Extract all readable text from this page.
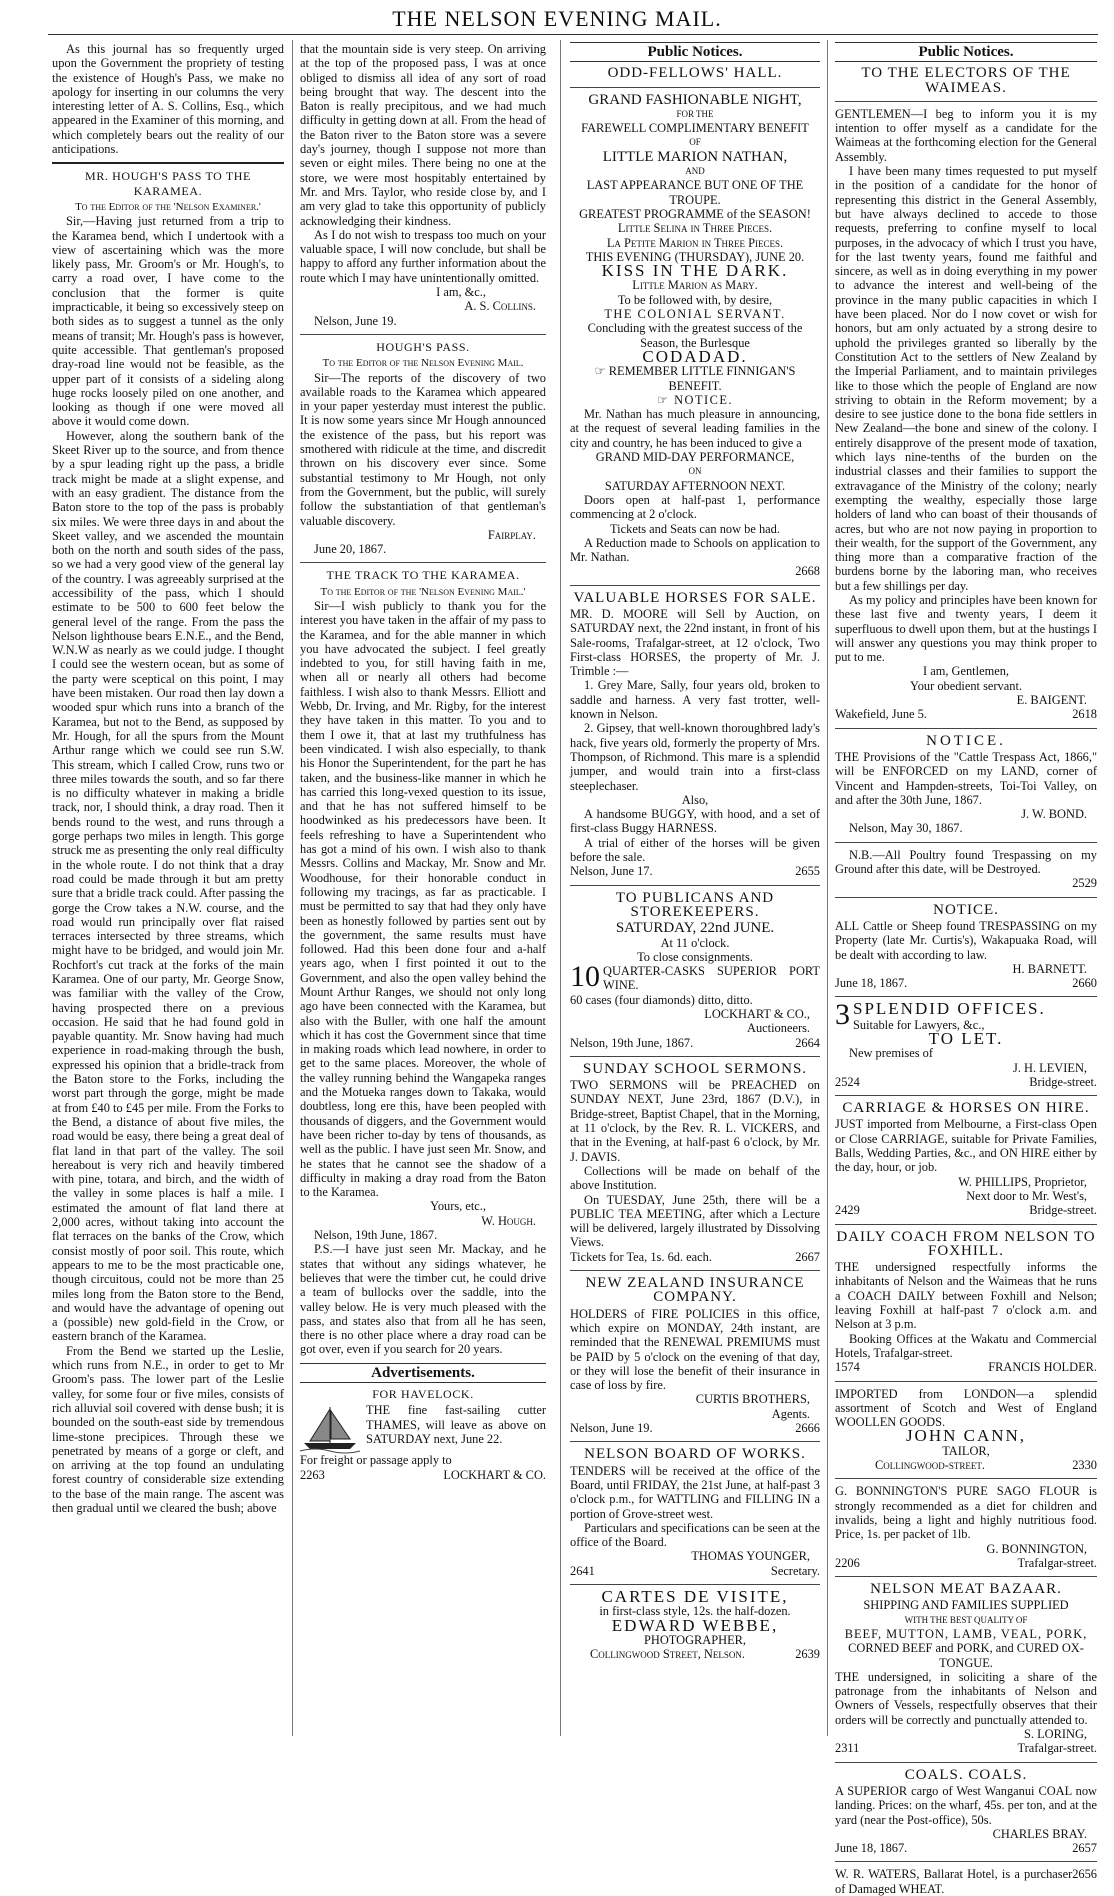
THE NELSON EVENING MAIL.

As this journal has so frequently urged upon the Government the propriety of testing the existence of Hough's Pass, we make no apology for inserting in our columns the very interesting letter of A. S. Collins, Esq., which appeared in the Examiner of this morning, and which completely bears out the reality of our anticipations.

MR. HOUGH'S PASS TO THE KARAMEA.
To the Editor of the 'Nelson Examiner.'

Sir,—Having just returned from a trip to the Karamea bend, which I undertook with a view of ascertaining which was the more likely pass, Mr. Groom's or Mr. Hough's, to carry a road over, I have come to the conclusion that the former is quite impracticable, it being so excessively steep on both sides as to suggest a tunnel as the only means of transit; Mr. Hough's pass is however, quite accessible. That gentleman's proposed dray-road line would not be feasible, as the upper part of it consists of a sideling along huge rocks loosely piled on one another, and looking as though if one were moved all above it would come down.

However, along the southern bank of the Skeet River up to the source, and from thence by a spur leading right up the pass, a bridle track might be made at a slight expense, and with an easy gradient. The distance from the Baton store to the top of the pass is probably six miles. We were three days in and about the Skeet valley, and we ascended the mountain both on the north and south sides of the pass, so we had a very good view of the general lay of the country. I was agreeably surprised at the accessibility of the pass, which I should estimate to be 500 to 600 feet below the general level of the range. From the pass the Nelson lighthouse bears E.N.E., and the Bend, W.N.W as nearly as we could judge. I thought I could see the western ocean, but as some of the party were sceptical on this point, I may have been mistaken. Our road then lay down a wooded spur which runs into a branch of the Karamea, but not to the Bend, as supposed by Mr. Hough, for all the spurs from the Mount Arthur range which we could see run S.W. This stream, which I called Crow, runs two or three miles towards the south, and so far there is no difficulty whatever in making a bridle track, nor, I should think, a dray road. Then it bends round to the west, and runs through a gorge perhaps two miles in length. This gorge struck me as presenting the only real difficulty in the whole route. I do not think that a dray road could be made through it but am pretty sure that a bridle track could. After passing the gorge the Crow takes a N.W. course, and the road would run principally over flat raised terraces intersected by three streams, which might have to be bridged, and would join Mr. Rochfort's cut track at the forks of the main Karamea. One of our party, Mr. George Snow, was familiar with the valley of the Crow, having prospected there on a previous occasion. He said that he had found gold in payable quantity. Mr. Snow having had much experience in road-making through the bush, expressed his opinion that a bridle-track from the Baton store to the Forks, including the worst part through the gorge, might be made at from £40 to £45 per mile. From the Forks to the Bend, a distance of about five miles, the road would be easy, there being a great deal of flat land in that part of the valley. The soil hereabout is very rich and heavily timbered with pine, totara, and birch, and the width of the valley in some places is half a mile. I estimated the amount of flat land there at 2,000 acres, without taking into account the flat terraces on the banks of the Crow, which consist mostly of poor soil. This route, which appears to me to be the most practicable one, though circuitous, could not be more than 25 miles long from the Baton store to the Bend, and would have the advantage of opening out a (possible) new gold-field in the Crow, or eastern branch of the Karamea.

From the Bend we started up the Leslie, which runs from N.E., in order to get to Mr Groom's pass. The lower part of the Leslie valley, for some four or five miles, consists of rich alluvial soil covered with dense bush; it is bounded on the south-east side by tremendous lime-stone precipices. Through these we penetrated by means of a gorge or cleft, and on arriving at the top found an undulating forest country of considerable size extending to the base of the main range. The ascent was then gradual until we cleared the bush; above

that the mountain side is very steep. On arriving at the top of the proposed pass, I was at once obliged to dismiss all idea of any sort of road being brought that way. The descent into the Baton is really precipitous, and we had much difficulty in getting down at all. From the head of the Baton river to the Baton store was a severe day's journey, though I suppose not more than seven or eight miles. There being no one at the store, we were most hospitably entertained by Mr. and Mrs. Taylor, who reside close by, and I am very glad to take this opportunity of publicly acknowledging their kindness.

As I do not wish to trespass too much on your valuable space, I will now conclude, but shall be happy to afford any further information about the route which I may have unintentionally omitted.

I am, &c.,
A. S. Collins.

Nelson, June 19.

HOUGH'S PASS.
To the Editor of the Nelson Evening Mail.

Sir—The reports of the discovery of two available roads to the Karamea which appeared in your paper yesterday must interest the public. It is now some years since Mr Hough announced the existence of the pass, but his report was smothered with ridicule at the time, and discredit thrown on his discovery ever since. Some substantial testimony to Mr Hough, not only from the Government, but the public, will surely follow the substantiation of that gentleman's valuable discovery.

Fairplay.

June 20, 1867.

THE TRACK TO THE KARAMEA.
To the Editor of the 'Nelson Evening Mail.'

Sir—I wish publicly to thank you for the interest you have taken in the affair of my pass to the Karamea, and for the able manner in which you have advocated the subject. I feel greatly indebted to you, for still having faith in me, when all or nearly all others had become faithless. I wish also to thank Messrs. Elliott and Webb, Dr. Irving, and Mr. Rigby, for the interest they have taken in this matter. To you and to them I owe it, that at last my truthfulness has been vindicated. I wish also especially, to thank his Honor the Superintendent, for the part he has taken, and the business-like manner in which he has carried this long-vexed question to its issue, and that he has not suffered himself to be hoodwinked as his predecessors have been. It feels refreshing to have a Superintendent who has got a mind of his own. I wish also to thank Messrs. Collins and Mackay, Mr. Snow and Mr. Woodhouse, for their honorable conduct in following my tracings, as far as practicable. I must be permitted to say that had they only have been as honestly followed by parties sent out by the government, the same results must have followed. Had this been done four and a-half years ago, when I first pointed it out to the Government, and also the open valley behind the Mount Arthur Ranges, we should not only long ago have been connected with the Karamea, but also with the Buller, with one half the amount which it has cost the Government since that time in making roads which lead nowhere, in order to get to the same places. Moreover, the whole of the valley running behind the Wangapeka ranges and the Motueka ranges down to Takaka, would doubtless, long ere this, have been peopled with thousands of diggers, and the Government would have been richer to-day by tens of thousands, as well as the public. I have just seen Mr. Snow, and he states that he cannot see the shadow of a difficulty in making a dray road from the Baton to the Karamea.

Yours, etc.,
W. Hough.

Nelson, 19th June, 1867.

P.S.—I have just seen Mr. Mackay, and he states that without any sidings whatever, he believes that were the timber cut, he could drive a team of bullocks over the saddle, into the valley below. He is very much pleased with the pass, and states also that from all he has seen, there is no other place where a dray road can be got over, even if you search for 20 years.

Advertisements.
FOR HAVELOCK.

THE fine fast-sailing cutter THAMES, will leave as above on SATURDAY next, June 22.

For freight or passage apply to
2263	LOCKHART & CO.
Public Notices.
ODD-FELLOWS' HALL.
GRAND FASHIONABLE NIGHT,
FOR THE
FAREWELL COMPLIMENTARY BENEFIT
OF
LITTLE MARION NATHAN,
AND
LAST APPEARANCE BUT ONE OF THE TROUPE.
GREATEST PROGRAMME of the SEASON!
Little Selina in Three Pieces.
La Petite Marion in Three Pieces.
THIS EVENING (THURSDAY), JUNE 20.
KISS IN THE DARK.
Little Marion as Mary.
To be followed with, by desire,
THE COLONIAL SERVANT.
Concluding with the greatest success of the Season, the Burlesque
CODADAD.
☞ REMEMBER LITTLE FINNIGAN'S BENEFIT.
☞ NOTICE.

Mr. Nathan has much pleasure in announcing, at the request of several leading families in the city and country, he has been induced to give a

GRAND MID-DAY PERFORMANCE,
ON
SATURDAY AFTERNOON NEXT.

Doors open at half-past 1, performance commencing at 2 o'clock.

Tickets and Seats can now be had.

A Reduction made to Schools on application to Mr. Nathan.

2668
VALUABLE HORSES FOR SALE.

MR. D. MOORE will Sell by Auction, on SATURDAY next, the 22nd instant, in front of his Sale-rooms, Trafalgar-street, at 12 o'clock, Two First-class HORSES, the property of Mr. J. Trimble :—

1. Grey Mare, Sally, four years old, broken to saddle and harness. A very fast trotter, well-known in Nelson.

2. Gipsey, that well-known thoroughbred lady's hack, five years old, formerly the property of Mrs. Thompson, of Richmond. This mare is a splendid jumper, and would train into a first-class steeplechaser.

Also,

A handsome BUGGY, with hood, and a set of first-class Buggy HARNESS.

A trial of either of the horses will be given before the sale.

Nelson, June 17.	2655
TO PUBLICANS AND STOREKEEPERS.
SATURDAY, 22nd JUNE.
At 11 o'clock.
To close consignments.
10 QUARTER-CASKS SUPERIOR PORT WINE.
60 cases (four diamonds) ditto, ditto.
LOCKHART & CO.,
Auctioneers.
Nelson, 19th June, 1867.	2664
SUNDAY SCHOOL SERMONS.

TWO SERMONS will be PREACHED on SUNDAY NEXT, June 23rd, 1867 (D.V.), in Bridge-street, Baptist Chapel, that in the Morning, at 11 o'clock, by the Rev. R. L. VICKERS, and that in the Evening, at half-past 6 o'clock, by Mr. J. DAVIS.

Collections will be made on behalf of the above Institution.

On TUESDAY, June 25th, there will be a PUBLIC TEA MEETING, after which a Lecture will be delivered, largely illustrated by Dissolving Views.

Tickets for Tea, 1s. 6d. each.	2667
NEW ZEALAND INSURANCE COMPANY.

HOLDERS of FIRE POLICIES in this office, which expire on MONDAY, 24th instant, are reminded that the RENEWAL PREMIUMS must be PAID by 5 o'clock on the evening of that day, or they will lose the benefit of their insurance in case of loss by fire.

CURTIS BROTHERS,
Agents.
Nelson, June 19.	2666
NELSON BOARD OF WORKS.

TENDERS will be received at the office of the Board, until FRIDAY, the 21st June, at half-past 3 o'clock p.m., for WATTLING and FILLING IN a portion of Grove-street west.

Particulars and specifications can be seen at the office of the Board.

THOMAS YOUNGER,
2641	Secretary.
CARTES DE VISITE,
in first-class style, 12s. the half-dozen.
EDWARD WEBBE,
PHOTOGRAPHER,
Collingwood Street, Nelson.	2639
Public Notices.
TO THE ELECTORS OF THE WAIMEAS.

GENTLEMEN—I beg to inform you it is my intention to offer myself as a candidate for the Waimeas at the forthcoming election for the General Assembly.

I have been many times requested to put myself in the position of a candidate for the honor of representing this district in the General Assembly, but have always declined to accede to those requests, preferring to confine myself to local purposes, in the advocacy of which I trust you have, for the last twenty years, found me faithful and sincere, as well as in doing everything in my power to advance the interest and well-being of the province in the many public capacities in which I have been placed. Nor do I now covet or wish for honors, but am only actuated by a strong desire to uphold the privileges granted so liberally by the Constitution Act to the settlers of New Zealand by the Imperial Parliament, and to maintain privileges like to those which the people of England are now striving to obtain in the Reform movement; by a desire to see justice done to the bona fide settlers in New Zealand—the bone and sinew of the colony. I entirely disapprove of the present mode of taxation, which lays nine-tenths of the burden on the industrial classes and their families to support the extravagance of the Ministry of the colony; nearly exempting the wealthy, especially those large holders of land who can boast of their thousands of acres, but who are not now paying in proportion to their wealth, for the support of the Government, any thing more than a comparative fraction of the burdens borne by the laboring man, who receives but a few shillings per day.

As my policy and principles have been known for these last five and twenty years, I deem it superfluous to dwell upon them, but at the hustings I will answer any questions you may think proper to put to me.

I am, Gentlemen,
Your obedient servant.
E. BAIGENT.
Wakefield, June 5.	2618
NOTICE.

THE Provisions of the "Cattle Trespass Act, 1866," will be ENFORCED on my LAND, corner of Vincent and Hampden-streets, Toi-Toi Valley, on and after the 30th June, 1867.

J. W. BOND.

Nelson, May 30, 1867.

N.B.—All Poultry found Trespassing on my Ground after this date, will be Destroyed.

2529
NOTICE.

ALL Cattle or Sheep found TRESPASSING on my Property (late Mr. Curtis's), Wakapuaka Road, will be dealt with according to law.

H. BARNETT.
June 18, 1867.	2660
3 SPLENDID OFFICES.
Suitable for Lawyers, &c.,
TO LET.

New premises of

J. H. LEVIEN,
2524	Bridge-street.
CARRIAGE & HORSES ON HIRE.

JUST imported from Melbourne, a First-class Open or Close CARRIAGE, suitable for Private Families, Balls, Wedding Parties, &c., and ON HIRE either by the day, hour, or job.

W. PHILLIPS, Proprietor,
Next door to Mr. West's,
2429	Bridge-street.
DAILY COACH FROM NELSON TO FOXHILL.

THE undersigned respectfully informs the inhabitants of Nelson and the Waimeas that he runs a COACH DAILY between Foxhill and Nelson; leaving Foxhill at half-past 7 o'clock a.m. and Nelson at 3 p.m.

Booking Offices at the Wakatu and Commercial Hotels, Trafalgar-street.

1574	FRANCIS HOLDER.

IMPORTED from LONDON—a splendid assortment of Scotch and West of England WOOLLEN GOODS.

JOHN CANN,
TAILOR,
Collingwood-street.	2330

G. BONNINGTON'S PURE SAGO FLOUR is strongly recommended as a diet for children and invalids, being a light and highly nutritious food. Price, 1s. per packet of 1lb.

G. BONNINGTON,
2206	Trafalgar-street.
NELSON MEAT BAZAAR.
SHIPPING AND FAMILIES SUPPLIED
WITH THE BEST QUALITY OF
BEEF, MUTTON, LAMB, VEAL, PORK,
CORNED BEEF and PORK, and CURED OX-TONGUE.

THE undersigned, in soliciting a share of the patronage from the inhabitants of Nelson and Owners of Vessels, respectfully observes that their orders will be correctly and punctually attended to.

S. LORING,
2311	Trafalgar-street.
COALS. COALS.

A SUPERIOR cargo of West Wanganui COAL now landing. Prices: on the wharf, 45s. per ton, and at the yard (near the Post-office), 50s.

CHARLES BRAY.
June 18, 1867.	2657
W. R. WATERS, Ballarat Hotel, is a purchaser of Damaged WHEAT.
2656
